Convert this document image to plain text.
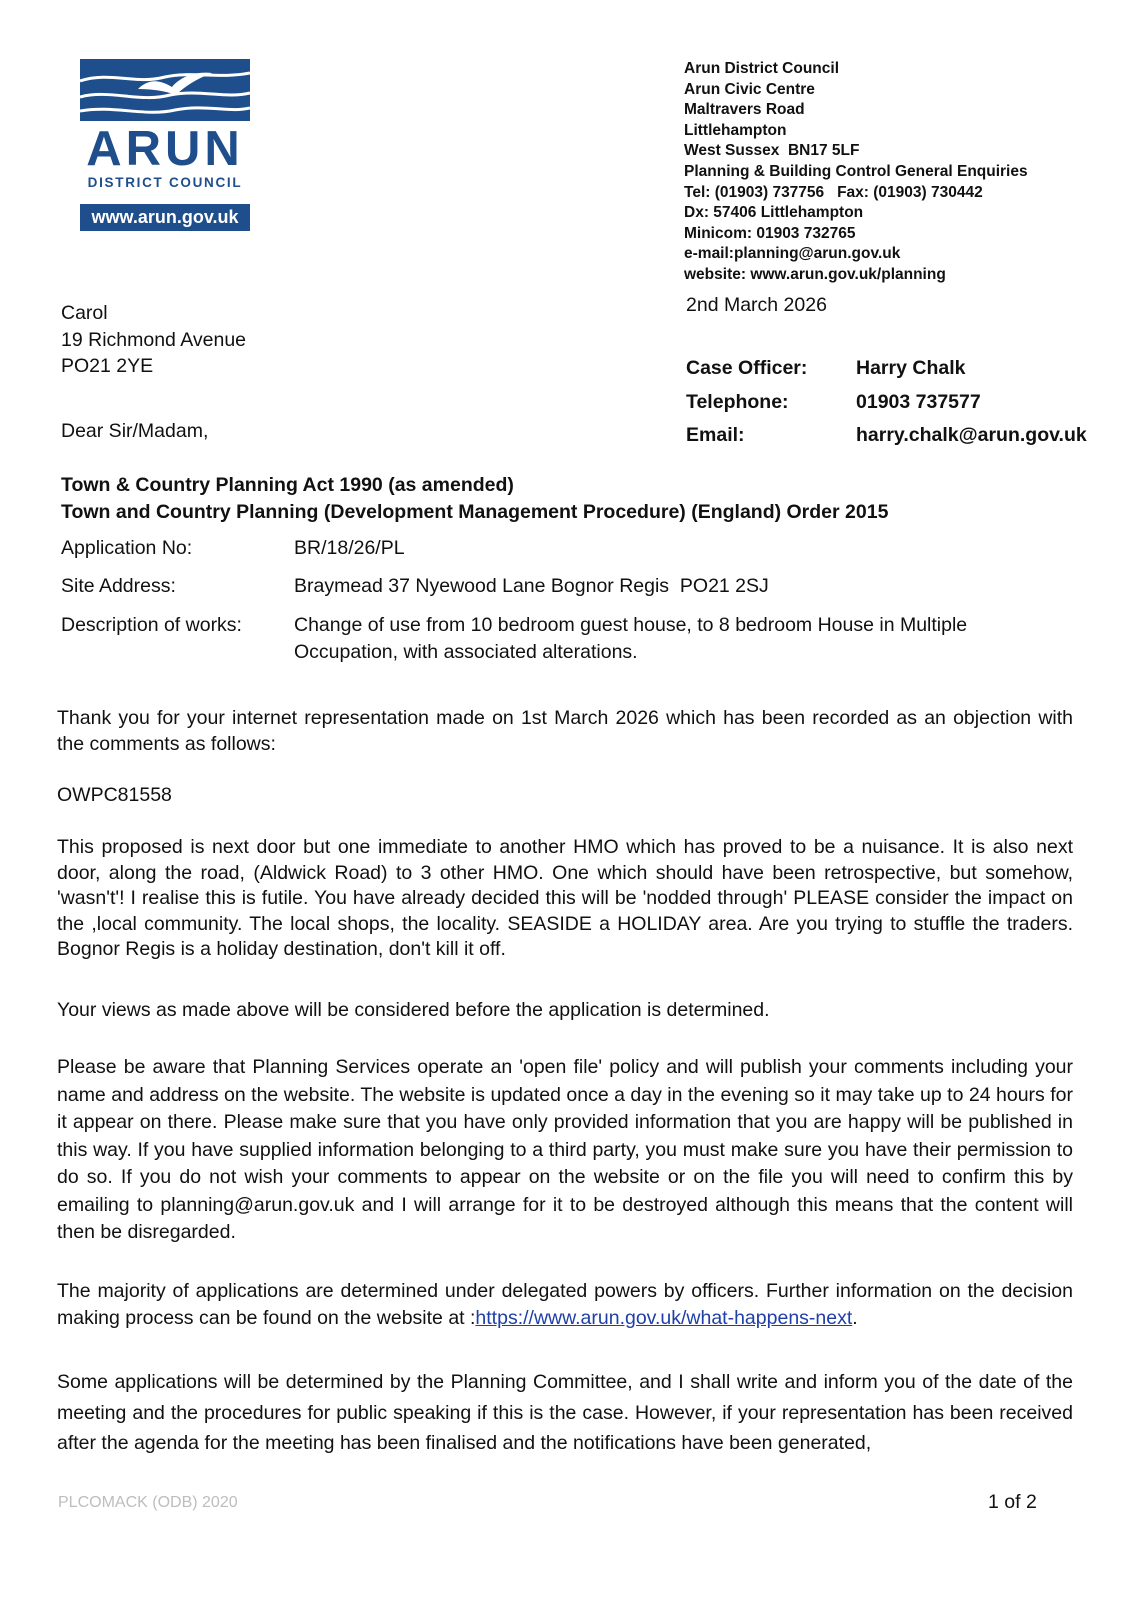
ARUN
DISTRICT COUNCIL
www.arun.gov.uk
Arun District Council
Arun Civic Centre
Maltravers Road
Littlehampton
West Sussex  BN17 5LF
Planning & Building Control General Enquiries
Tel: (01903) 737756   Fax: (01903) 730442
Dx: 57406 Littlehampton
Minicom: 01903 732765
e-mail:planning@arun.gov.uk
website: www.arun.gov.uk/planning
2nd March 2026
Carol
19 Richmond Avenue
PO21 2YE	Case Officer:	Harry Chalk
Telephone:	01903 737577
Email:	harry.chalk@arun.gov.uk
Dear Sir/Madam,
Town & Country Planning Act 1990 (as amended)
Town and Country Planning (Development Management Procedure) (England) Order 2015
Application No:	BR/18/26/PL
Site Address:	Braymead 37 Nyewood Lane Bognor Regis  PO21 2SJ
Description of works:	Change of use from 10 bedroom guest house, to 8 bedroom House in Multiple Occupation, with associated alterations.
Thank you for your internet representation made on 1st March 2026 which has been recorded as an objection with the comments as follows:
OWPC81558
This proposed is next door but one immediate to another HMO which has proved to be a nuisance. It is also next door, along the road, (Aldwick Road) to 3 other HMO. One which should have been retrospective, but somehow, 'wasn't'! I realise this is futile. You have already decided this will be 'nodded through' PLEASE consider the impact on the ,local community. The local shops, the locality. SEASIDE a HOLIDAY area. Are you trying to stuffle the traders. Bognor Regis is a holiday destination, don't kill it off.
Your views as made above will be considered before the application is determined.
Please be aware that Planning Services operate an 'open file' policy and will publish your comments including your name and address on the website. The website is updated once a day in the evening so it may take up to 24 hours for it appear on there. Please make sure that you have only provided information that you are happy will be published in this way. If you have supplied information belonging to a third party, you must make sure you have their permission to do so. If you do not wish your comments to appear on the website or on the file you will need to confirm this by emailing to planning@arun.gov.uk and I will arrange for it to be destroyed although this means that the content will then be disregarded.
The majority of applications are determined under delegated powers by officers. Further information on the decision making process can be found on the website at :https://www.arun.gov.uk/what-happens-next.
Some applications will be determined by the Planning Committee, and I shall write and inform you of the date of the meeting and the procedures for public speaking if this is the case. However, if your representation has been received after the agenda for the meeting has been finalised and the notifications have been generated,
PLCOMACK (ODB) 2020	1 of 2
